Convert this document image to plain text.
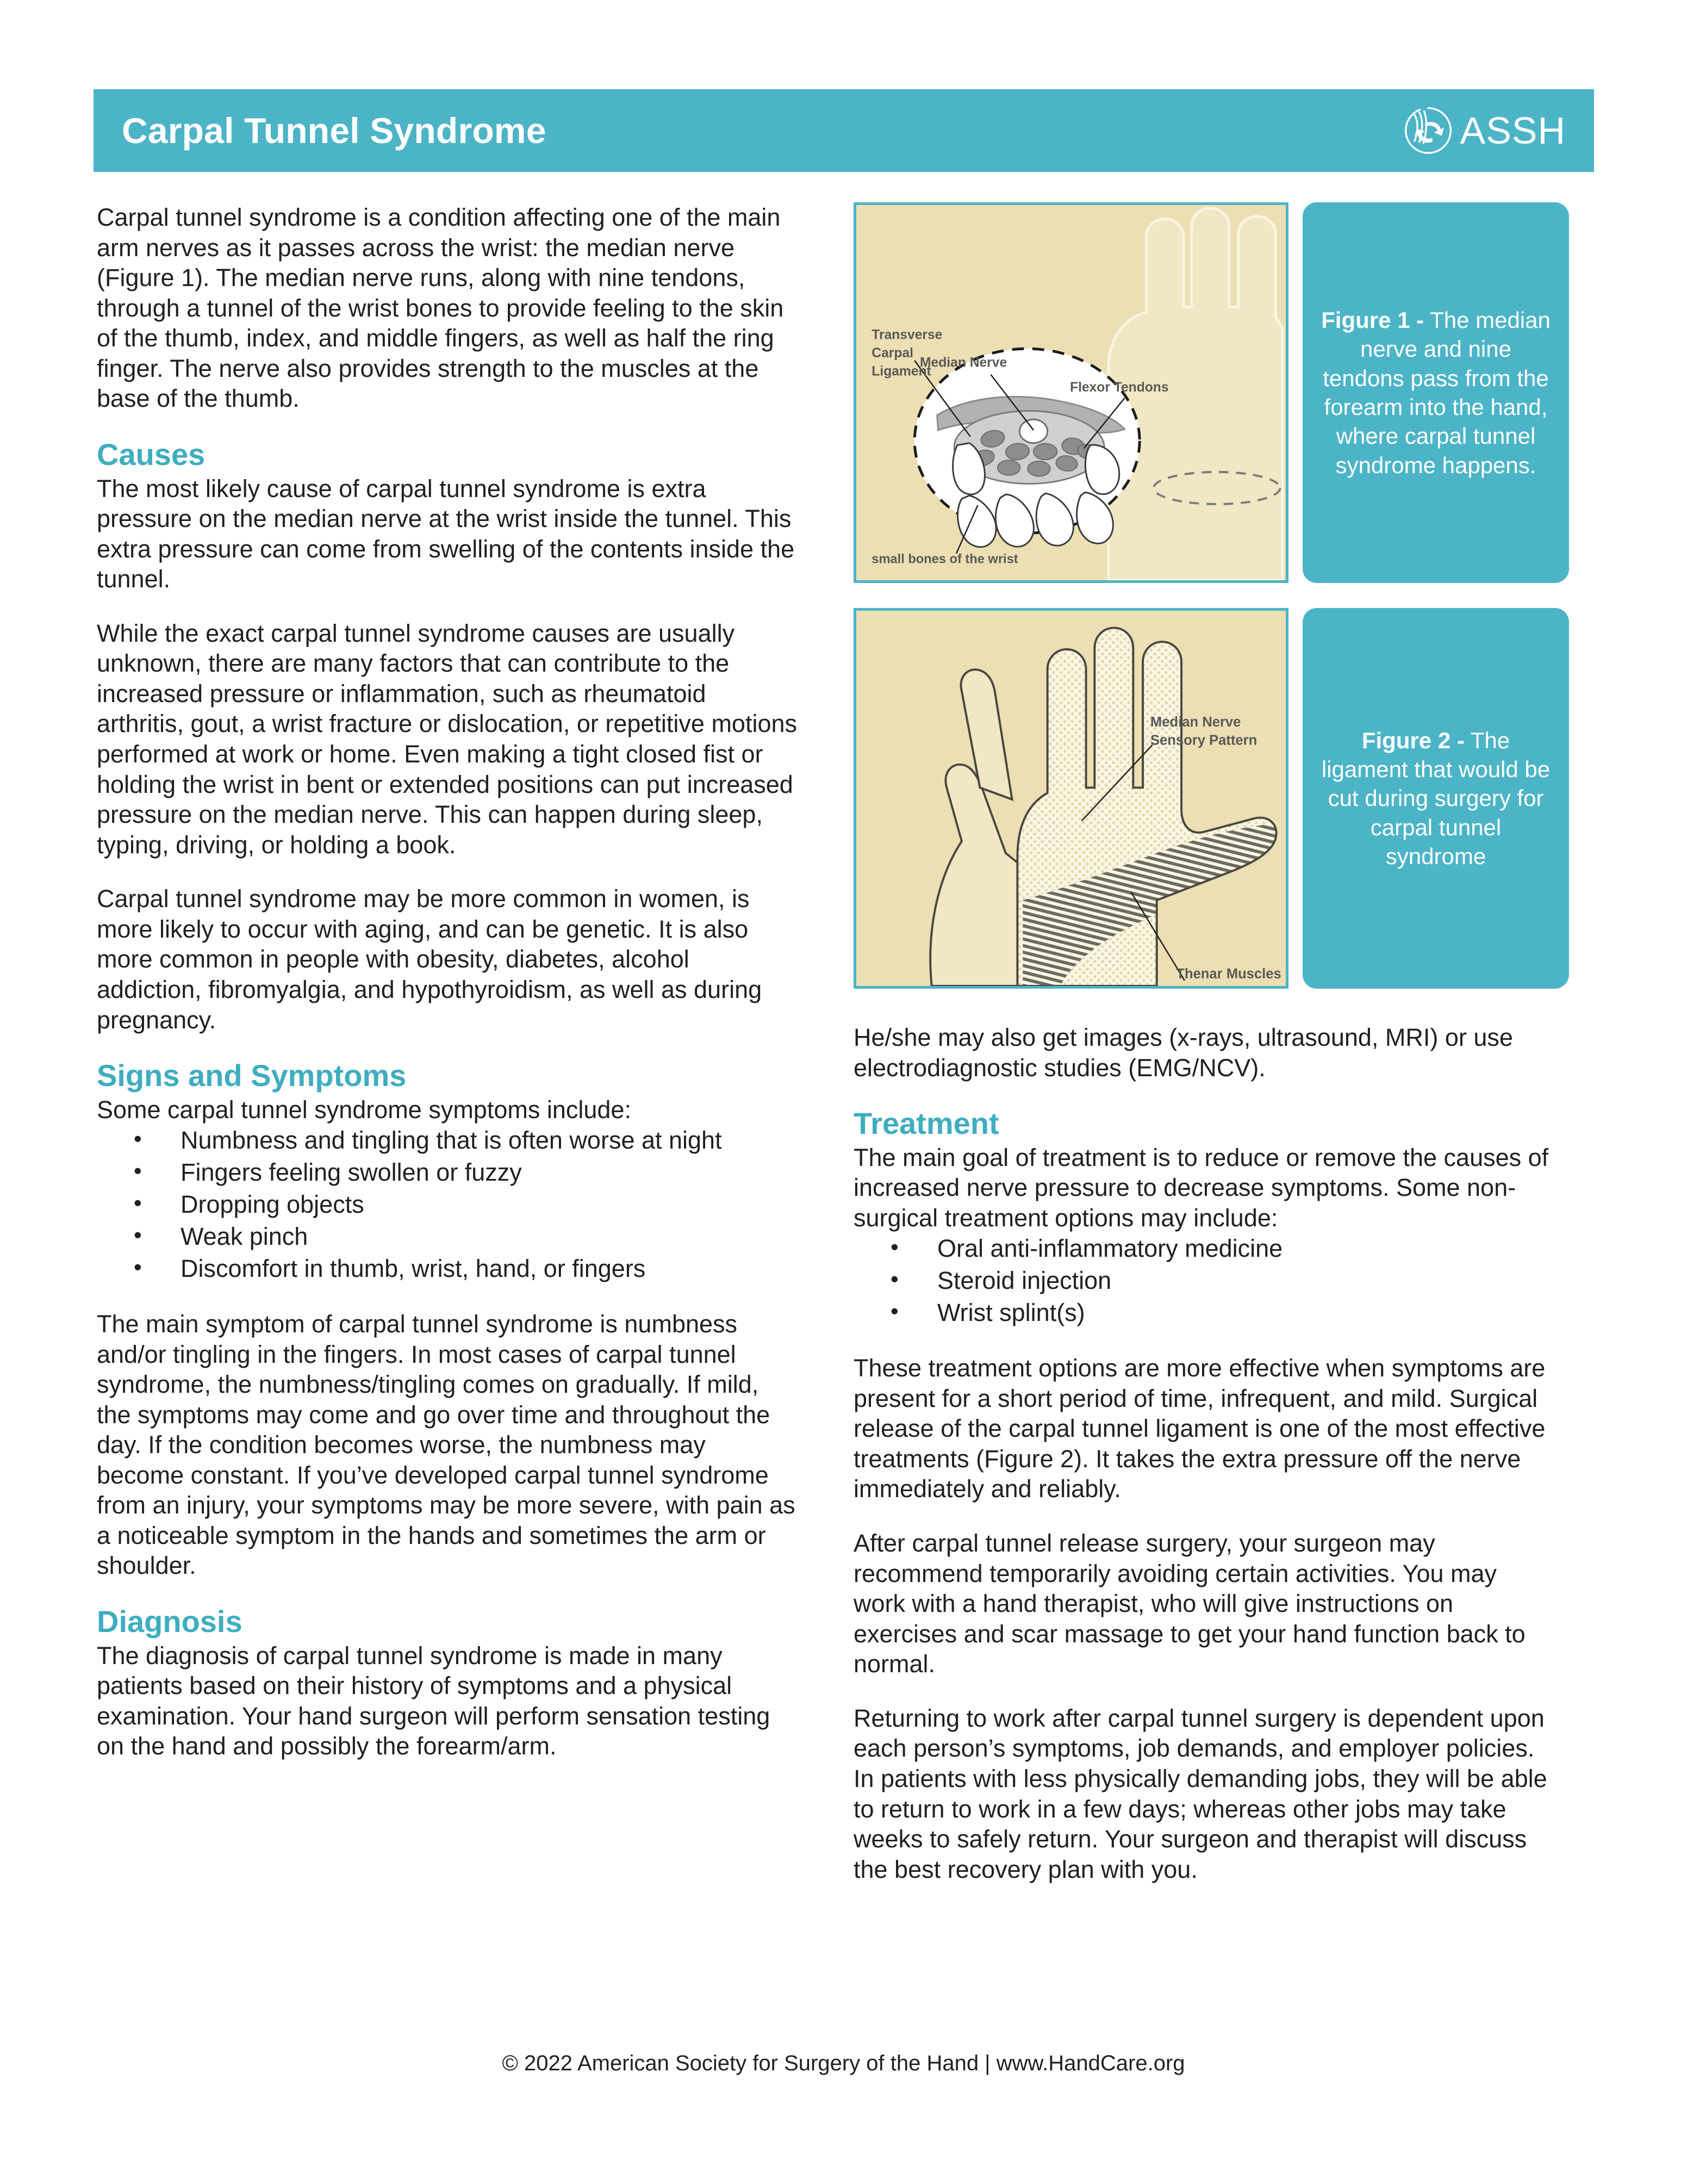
Carpal Tunnel Syndrome	ASSH

Carpal tunnel syndrome is a condition affecting one of the main arm nerves as it passes across the wrist: the median nerve (Figure 1). The median nerve runs, along with nine tendons, through a tunnel of the wrist bones to provide feeling to the skin of the thumb, index, and middle fingers, as well as half the ring finger. The nerve also provides strength to the muscles at the base of the thumb.

Causes

The most likely cause of carpal tunnel syndrome is extra pressure on the median nerve at the wrist inside the tunnel. This extra pressure can come from swelling of the contents inside the tunnel.

While the exact carpal tunnel syndrome causes are usually unknown, there are many factors that can contribute to the increased pressure or inflammation, such as rheumatoid arthritis, gout, a wrist fracture or dislocation, or repetitive motions performed at work or home. Even making a tight closed fist or holding the wrist in bent or extended positions can put increased pressure on the median nerve. This can happen during sleep, typing, driving, or holding a book.

Carpal tunnel syndrome may be more common in women, is more likely to occur with aging, and can be genetic. It is also more common in people with obesity, diabetes, alcohol addiction, fibromyalgia, and hypothyroidism, as well as during pregnancy.

Signs and Symptoms

Some carpal tunnel syndrome symptoms include:

• Numbness and tingling that is often worse at night
• Fingers feeling swollen or fuzzy
• Dropping objects
• Weak pinch
• Discomfort in thumb, wrist, hand, or fingers

The main symptom of carpal tunnel syndrome is numbness and/or tingling in the fingers. In most cases of carpal tunnel syndrome, the numbness/tingling comes on gradually. If mild, the symptoms may come and go over time and throughout the day. If the condition becomes worse, the numbness may become constant. If you’ve developed carpal tunnel syndrome from an injury, your symptoms may be more severe, with pain as a noticeable symptom in the hands and sometimes the arm or shoulder.

Diagnosis

The diagnosis of carpal tunnel syndrome is made in many patients based on their history of symptoms and a physical examination. Your hand surgeon will perform sensation testing on the hand and possibly the forearm/arm.

Transverse
Carpal
Ligament
Median Nerve
Flexor Tendons
small bones of the wrist
Figure 1 - The median nerve and nine tendons pass from the forearm into the hand, where carpal tunnel syndrome happens.
Median Nerve
Sensory Pattern
Thenar Muscles
Figure 2 - The ligament that would be cut during surgery for carpal tunnel syndrome

He/she may also get images (x-rays, ultrasound, MRI) or use electrodiagnostic studies (EMG/NCV).

Treatment

The main goal of treatment is to reduce or remove the causes of increased nerve pressure to decrease symptoms. Some non-surgical treatment options may include:

• Oral anti-inflammatory medicine
• Steroid injection
• Wrist splint(s)

These treatment options are more effective when symptoms are present for a short period of time, infrequent, and mild. Surgical release of the carpal tunnel ligament is one of the most effective treatments (Figure 2). It takes the extra pressure off the nerve immediately and reliably.

After carpal tunnel release surgery, your surgeon may recommend temporarily avoiding certain activities. You may work with a hand therapist, who will give instructions on exercises and scar massage to get your hand function back to normal.

Returning to work after carpal tunnel surgery is dependent upon each person’s symptoms, job demands, and employer policies. In patients with less physically demanding jobs, they will be able to return to work in a few days; whereas other jobs may take weeks to safely return. Your surgeon and therapist will discuss the best recovery plan with you.

© 2022 American Society for Surgery of the Hand | www.HandCare.org
